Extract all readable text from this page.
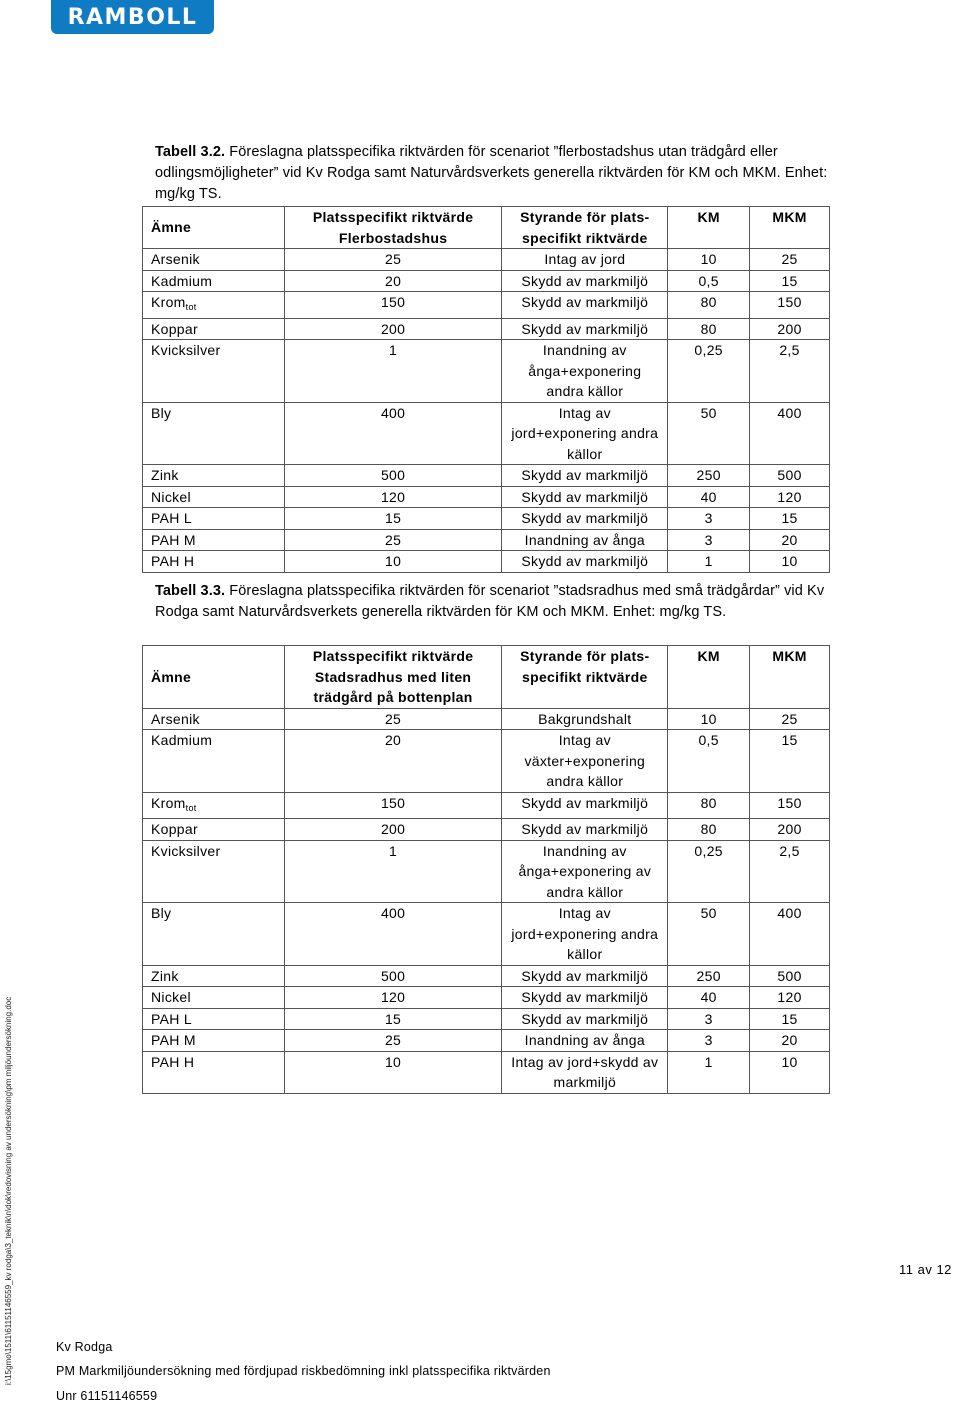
RAMBOLL
Tabell 3.2. Föreslagna platsspecifika riktvärden för scenariot ”flerbostadshus utan trädgård eller odlingsmöjligheter” vid Kv Rodga samt Naturvårdsverkets generella riktvärden för KM och MKM. Enhet: mg/kg TS.
Ämne	Platsspecifikt riktvärde Flerbostadshus	Styrande för plats-specifikt riktvärde	KM	MKM
Arsenik	25	Intag av jord	10	25
Kadmium	20	Skydd av markmiljö	0,5	15
Krom$_{tot}$	150	Skydd av markmiljö	80	150
Koppar	200	Skydd av markmiljö	80	200
Kvicksilver	1	Inandning av ånga+exponering andra källor	0,25	2,5
Bly	400	Intag av jord+exponering andra källor	50	400
Zink	500	Skydd av markmiljö	250	500
Nickel	120	Skydd av markmiljö	40	120
PAH L	15	Skydd av markmiljö	3	15
PAH M	25	Inandning av ånga	3	20
PAH H	10	Skydd av markmiljö	1	10
Tabell 3.3. Föreslagna platsspecifika riktvärden för scenariot ”stadsradhus med små trädgårdar” vid Kv Rodga samt Naturvårdsverkets generella riktvärden för KM och MKM. Enhet: mg/kg TS.
Ämne	Platsspecifikt riktvärde Stadsradhus med liten trädgård på bottenplan	Styrande för plats-specifikt riktvärde	KM	MKM
Arsenik	25	Bakgrundshalt	10	25
Kadmium	20	Intag av växter+exponering andra källor	0,5	15
Krom$_{tot}$	150	Skydd av markmiljö	80	150
Koppar	200	Skydd av markmiljö	80	200
Kvicksilver	1	Inandning av ånga+exponering av andra källor	0,25	2,5
Bly	400	Intag av jord+exponering andra källor	50	400
Zink	500	Skydd av markmiljö	250	500
Nickel	120	Skydd av markmiljö	40	120
PAH L	15	Skydd av markmiljö	3	15
PAH M	25	Inandning av ånga	3	20
PAH H	10	Intag av jord+skydd av markmiljö	1	10
11 av 12
Kv Rodga
PM Markmiljöundersökning med fördjupad riskbedömning inkl platsspecifika riktvärden
Unr 61151146559
i:\15gmo\1511\61151146559_kv rodga\3_teknik\n\dok\redovisning av undersökning\pm miljöundersökning.doc
